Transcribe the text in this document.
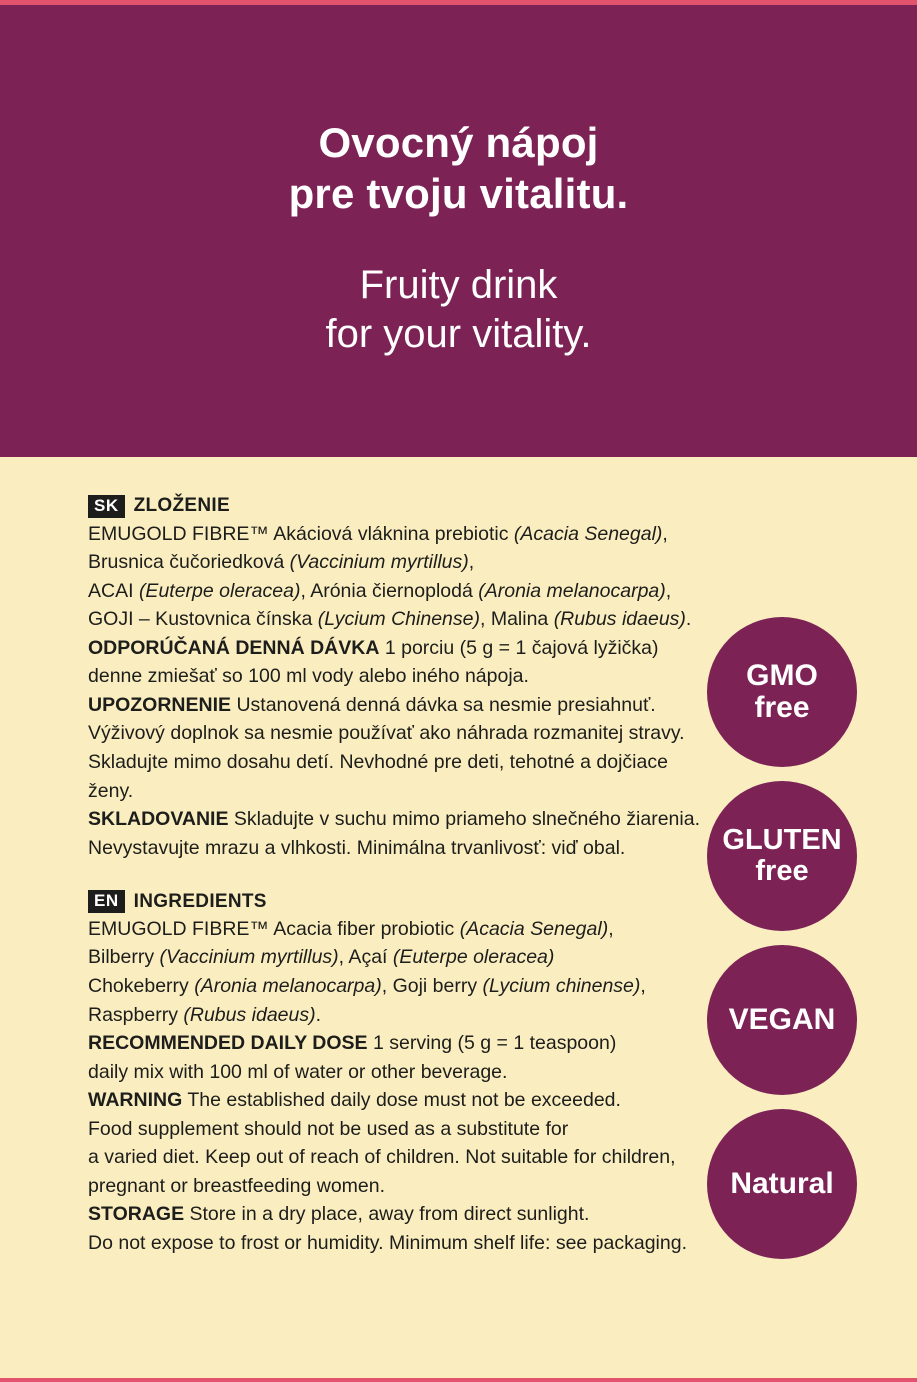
Ovocný nápoj
pre tvoju vitalitu.
Fruity drink
for your vitality.
SK ZLOŽENIE

EMUGOLD FIBRE™ Akáciová vláknina prebiotic (Acacia Senegal),
Brusnica čučoriedková (Vaccinium myrtillus),
ACAI (Euterpe oleracea), Arónia čiernoplodá (Aronia melanocarpa),
GOJI – Kustovnica čínska (Lycium Chinense), Malina (Rubus idaeus).

ODPORÚČANÁ DENNÁ DÁVKA 1 porciu (5 g = 1 čajová lyžička)
denne zmiešať so 100 ml vody alebo iného nápoja.

UPOZORNENIE Ustanovená denná dávka sa nesmie presiahnuť.
Výživový doplnok sa nesmie používať ako náhrada rozmanitej stravy.
Skladujte mimo dosahu detí. Nevhodné pre deti, tehotné a dojčiace ženy.

SKLADOVANIE Skladujte v suchu mimo priameho slnečného žiarenia.
Nevystavujte mrazu a vlhkosti. Minimálna trvanlivosť: viď obal.

EN INGREDIENTS

EMUGOLD FIBRE™ Acacia fiber probiotic (Acacia Senegal),
Bilberry (Vaccinium myrtillus), Açaí (Euterpe oleracea)
Chokeberry (Aronia melanocarpa), Goji berry (Lycium chinense),
Raspberry (Rubus idaeus).

RECOMMENDED DAILY DOSE 1 serving (5 g = 1 teaspoon)
daily mix with 100 ml of water or other beverage.

WARNING The established daily dose must not be exceeded.
Food supplement should not be used as a substitute for
a varied diet. Keep out of reach of children. Not suitable for children,
pregnant or breastfeeding women.

STORAGE Store in a dry place, away from direct sunlight.
Do not expose to frost or humidity. Minimum shelf life: see packaging.

GMO
free
GLUTEN
free
VEGAN
Natural
